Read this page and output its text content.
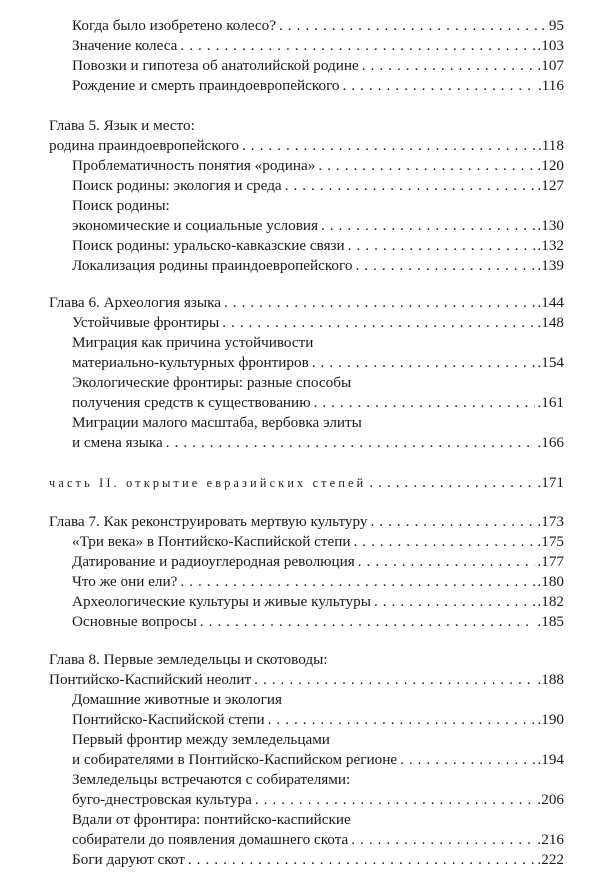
Когда было изобретено колесо? . . .	. 95
Значение колеса . . .	.103
Повозки и гипотеза об анатолийской родине . . .	.107
Рождение и смерть праиндоевропейского . . .	.116
Глава 5. Язык и место:
родина праиндоевропейского . . .	.118
Проблематичность понятия «родина» . . .	.120
Поиск родины: экология и среда . . .	.127
Поиск родины:
экономические и социальные условия . . .	.130
Поиск родины: уральско-кавказские связи . . .	.132
Локализация родины праиндоевропейского . . .	.139
Глава 6. Археология языка . . .	.144
Устойчивые фронтиры . . .	.148
Миграция как причина устойчивости
материально-культурных фронтиров . . .	.154
Экологические фронтиры: разные способы
получения средств к существованию . . .	.161
Миграции малого масштаба, вербовка элиты
и смена языка . . .	.166
часть II. открытие евразийских степей . . .	.171
Глава 7. Как реконструировать мертвую культуру . . .	.173
«Три века» в Понтийско-Каспийской степи . . .	.175
Датирование и радиоуглеродная революция . . .	.177
Что же они ели? . . .	.180
Археологические культуры и живые культуры . . .	.182
Основные вопросы . . .	.185
Глава 8. Первые земледельцы и скотоводы:
Понтийско-Каспийский неолит . . .	.188
Домашние животные и экология
Понтийско-Каспийской степи . . .	.190
Первый фронтир между земледельцами
и собирателями в Понтийско-Каспийском регионе . . .	.194
Земледельцы встречаются с собирателями:
буго-днестровская культура . . .	.206
Вдали от фронтира: понтийско-каспийские
собиратели до появления домашнего скота . . .	.216
Боги даруют скот . . .	.222
